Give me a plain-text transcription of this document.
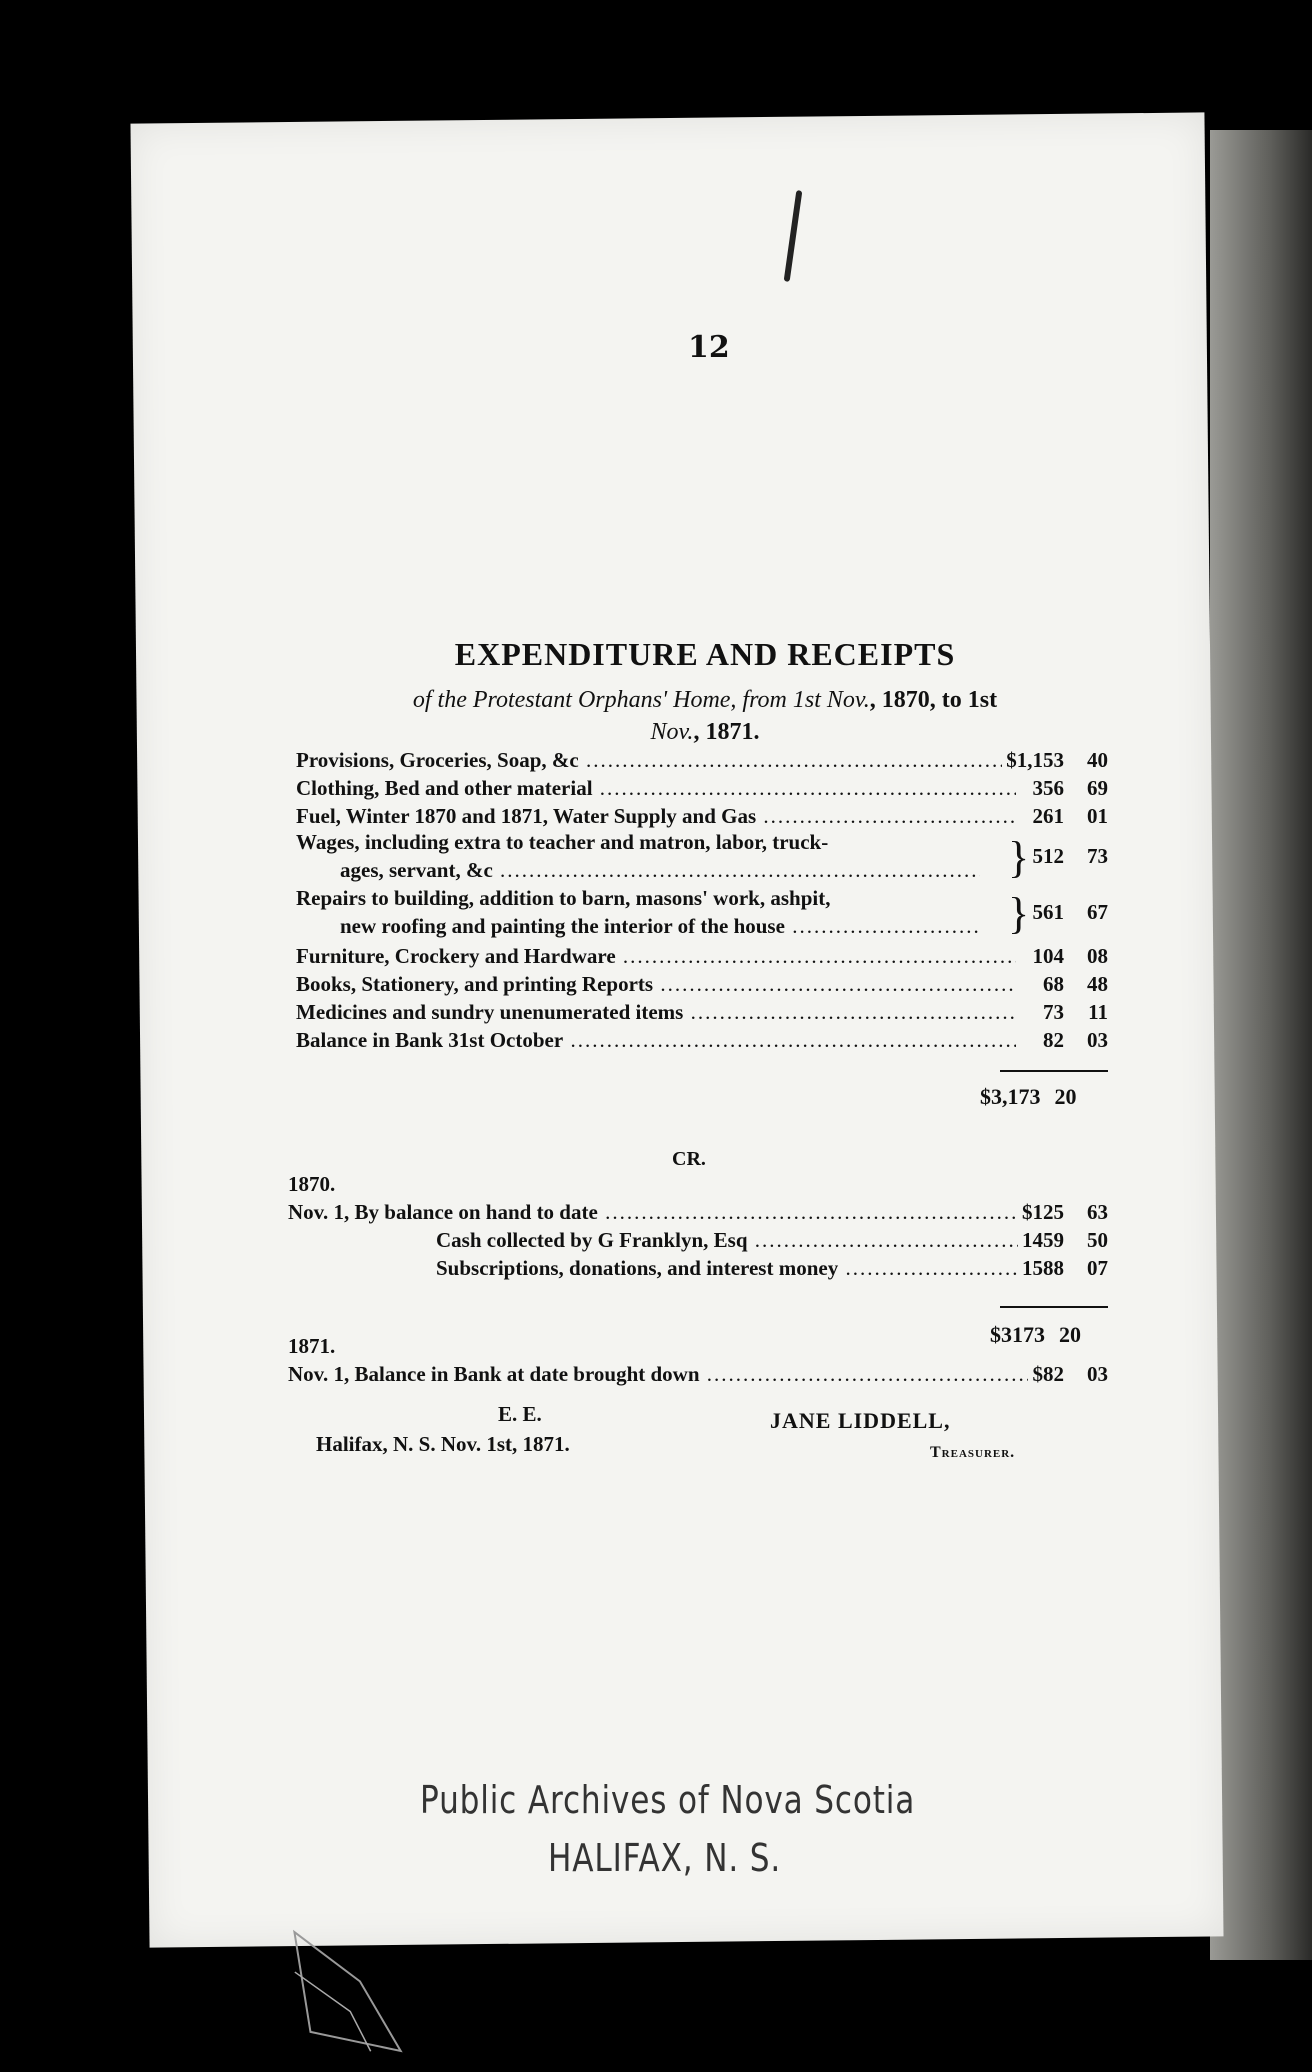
12
EXPENDITURE AND RECEIPTS
of the Protestant Orphans' Home, from 1st Nov., 1870, to 1st
Nov., 1871.
Provisions, Groceries, Soap, &c .....	$1,153	40
Clothing, Bed and other material .....	356	69
Fuel, Winter 1870 and 1871, Water Supply and Gas .....	261	01
Wages, including extra to teacher and matron, labor, truck-
ages, servant, &c .....	} 512	73
Repairs to building, addition to barn, masons' work, ashpit,
new roofing and painting the interior of the house .....	} 561	67
Furniture, Crockery and Hardware .....	104	08
Books, Stationery, and printing Reports .....	68	48
Medicines and sundry unenumerated items .....	73	11
Balance in Bank 31st October .....	82	03
$3,173 20
CR.
1870.
Nov. 1, By balance on hand to date .....	$125	63
Cash collected by G Franklyn, Esq .....	1459	50
Subscriptions, donations, and interest money .....	1588	07
$3173 20
1871.
Nov. 1, Balance in Bank at date brought down .....	$82	03
E. E.
Halifax, N. S. Nov. 1st, 1871.
JANE LIDDELL,
Treasurer.
Public Archives of Nova Scotia
HALIFAX, N. S.
